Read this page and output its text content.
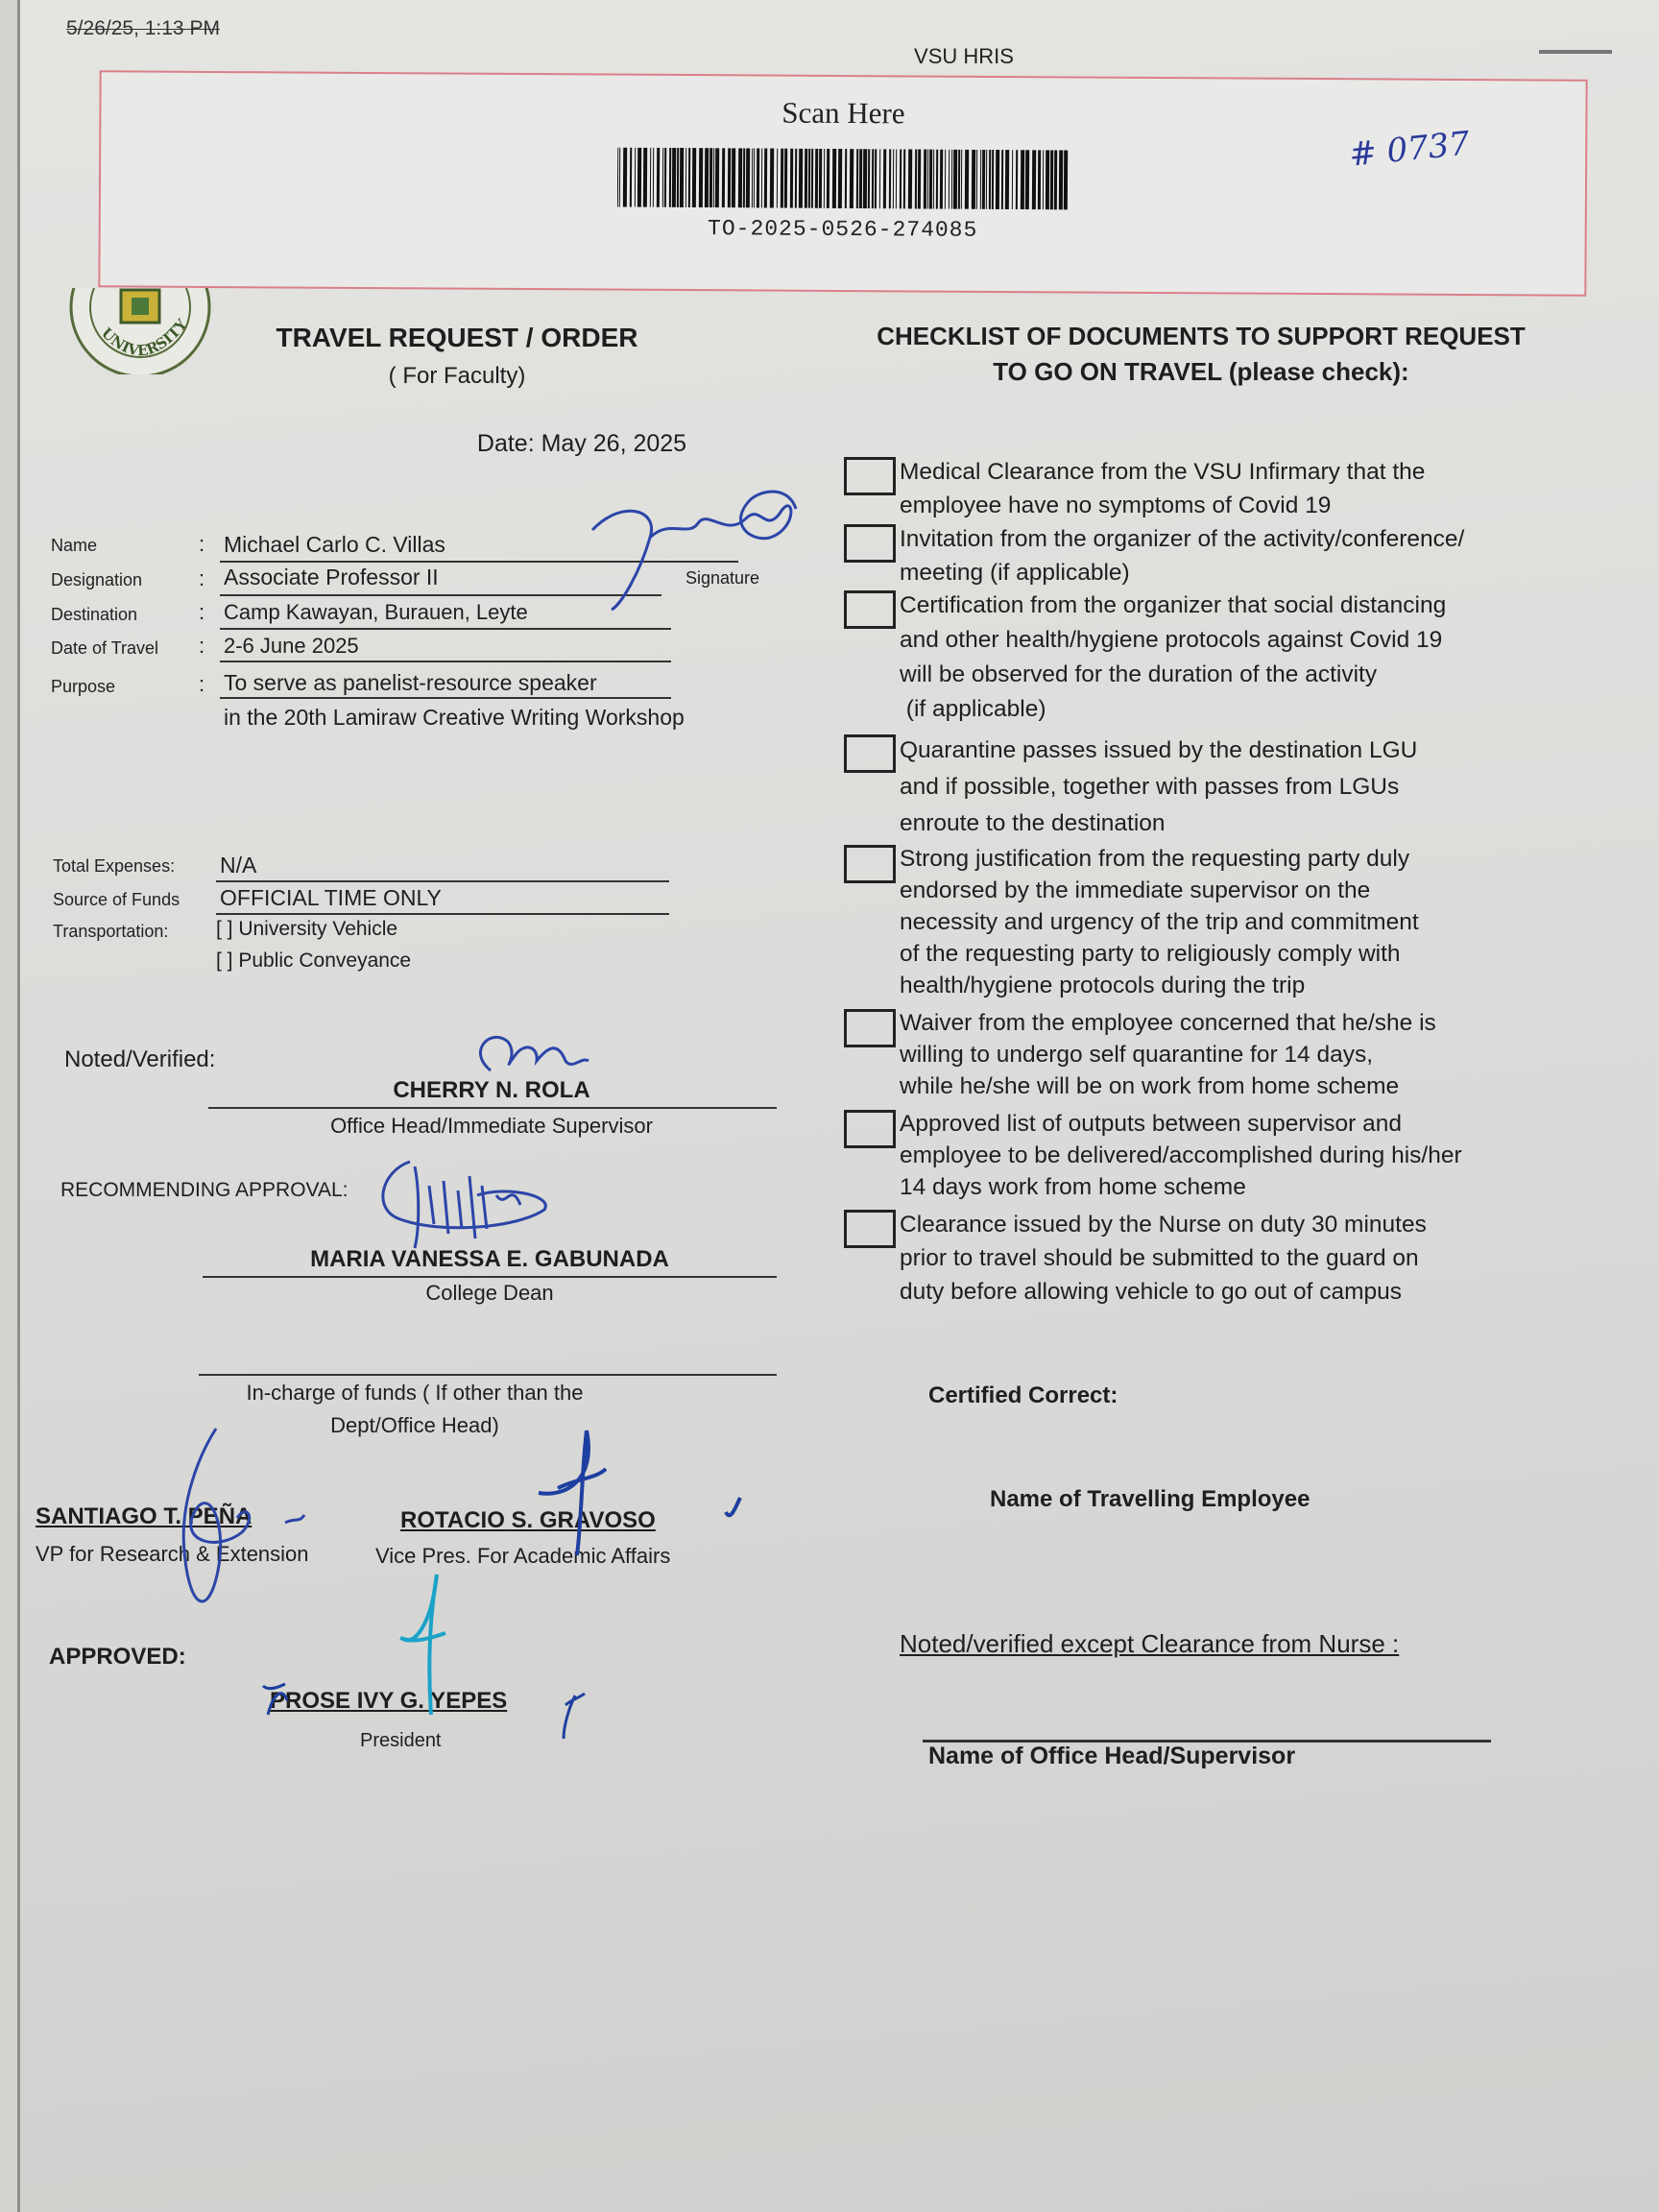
5/26/25, 1:13 PM
VSU HRIS
Scan Here
TO-2025-0526-274085
# 0737
UNIVERSITY	TRAVEL REQUEST / ORDER
( For Faculty)
Date: May 26, 2025
Name	: Michael Carlo C. Villas
Signature
Designation	: Associate Professor II
Destination	: Camp Kawayan, Burauen, Leyte
Date of Travel : 2-6 June 2025
Purpose	: To serve as panelist-resource speaker
in the 20th Lamiraw Creative Writing Workshop
Total Expenses: N/A
Source of Funds OFFICIAL TIME ONLY
Transportation: [ ] University Vehicle
[ ] Public Conveyance
Noted/Verified:
CHERRY N. ROLA
Office Head/Immediate Supervisor
RECOMMENDING APPROVAL:
MARIA VANESSA E. GABUNADA
College Dean
In-charge of funds ( If other than the
Dept/Office Head)
SANTIAGO T. PEÑA
VP for Research & Extension
ROTACIO S. GRAVOSO
Vice Pres. For Academic Affairs
APPROVED:
PROSE IVY G. YEPES
President
CHECKLIST OF DOCUMENTS TO SUPPORT REQUEST
TO GO ON TRAVEL (please check):
Medical Clearance from the VSU Infirmary that the
employee have no symptoms of Covid 19
Invitation from the organizer of the activity/conference/
meeting (if applicable)
Certification from the organizer that social distancing
and other health/hygiene protocols against Covid 19
will be observed for the duration of the activity
(if applicable)
Quarantine passes issued by the destination LGU
and if possible, together with passes from LGUs
enroute to the destination
Strong justification from the requesting party duly
endorsed by the immediate supervisor on the
necessity and urgency of the trip and commitment
of the requesting party to religiously comply with
health/hygiene protocols during the trip
Waiver from the employee concerned that he/she is
willing to undergo self quarantine for 14 days,
while he/she will be on work from home scheme
Approved list of outputs between supervisor and
employee to be delivered/accomplished during his/her
14 days work from home scheme
Clearance issued by the Nurse on duty 30 minutes
prior to travel should be submitted to the guard on
duty before allowing vehicle to go out of campus
Certified Correct:
Name of Travelling Employee
Noted/verified except Clearance from Nurse :
Name of Office Head/Supervisor
